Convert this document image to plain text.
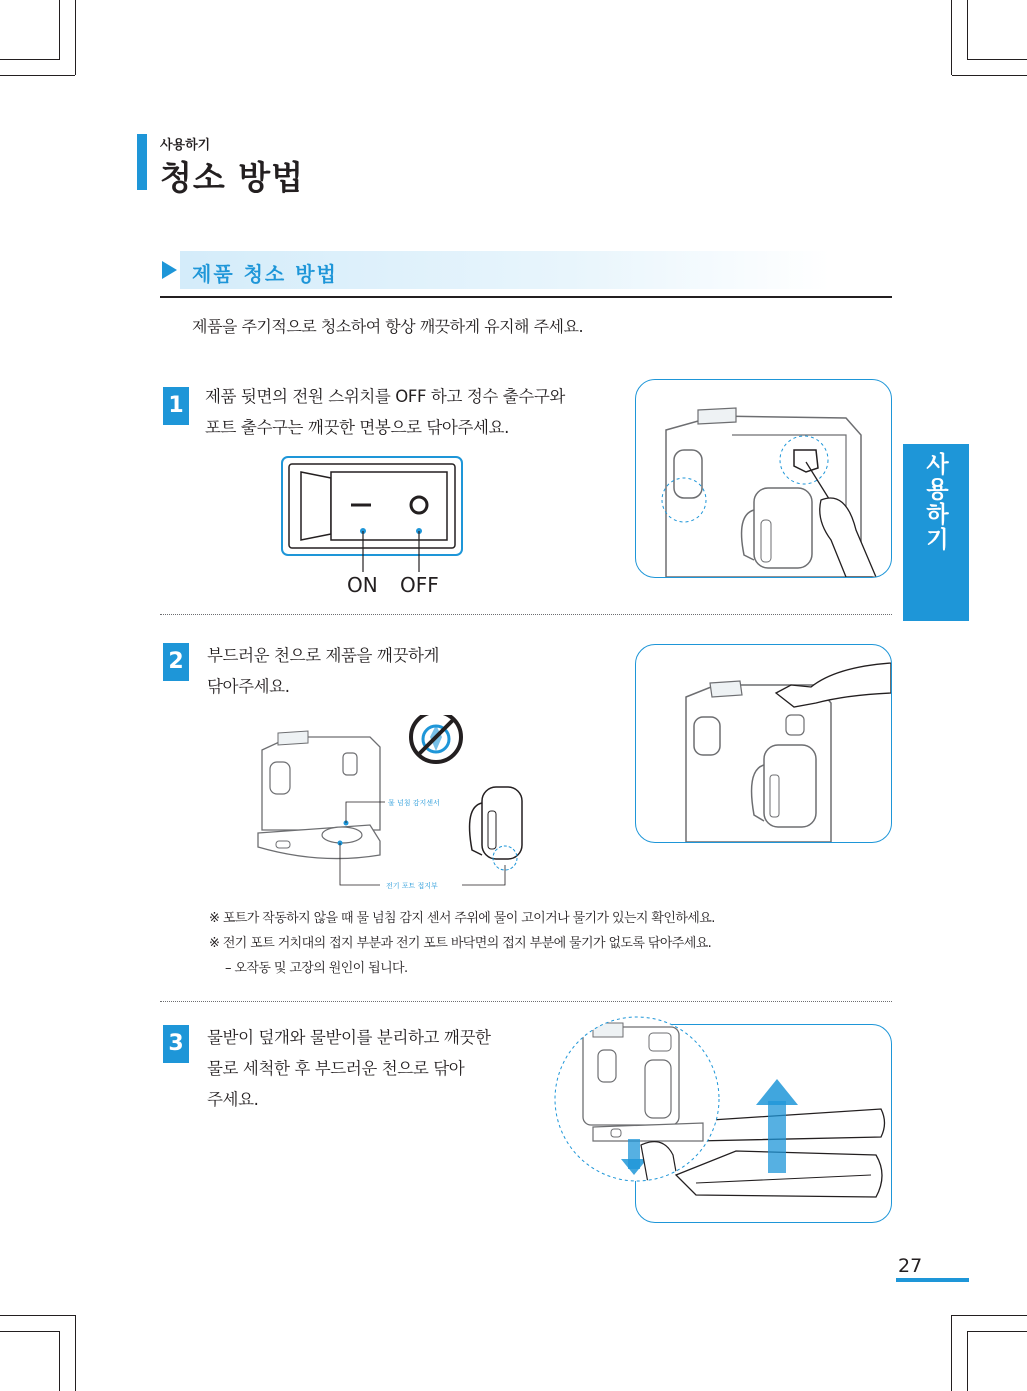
사용하기
청소 방법
제품 청소 방법
제품을 주기적으로 청소하여 항상 깨끗하게 유지해 주세요.
1	제품 뒷면의 전원 스위치를 OFF 하고 정수 출수구와
포트 출수구는 깨끗한 면봉으로 닦아주세요.
ON OFF
2	부드러운 천으로 제품을 깨끗하게
닦아주세요.
물 넘침 감지센서
전기 포트 접지부
※ 포트가 작동하지 않을 때 물 넘침 감지 센서 주위에 물이 고이거나 물기가 있는지 확인하세요.
※ 전기 포트 거치대의 접지 부분과 전기 포트 바닥면의 접지 부분에 물기가 없도록 닦아주세요.
– 오작동 및 고장의 원인이 됩니다.
3	물받이 덮개와 물받이를 분리하고 깨끗한
물로 세척한 후 부드러운 천으로 닦아
주세요.
사용하기
27
